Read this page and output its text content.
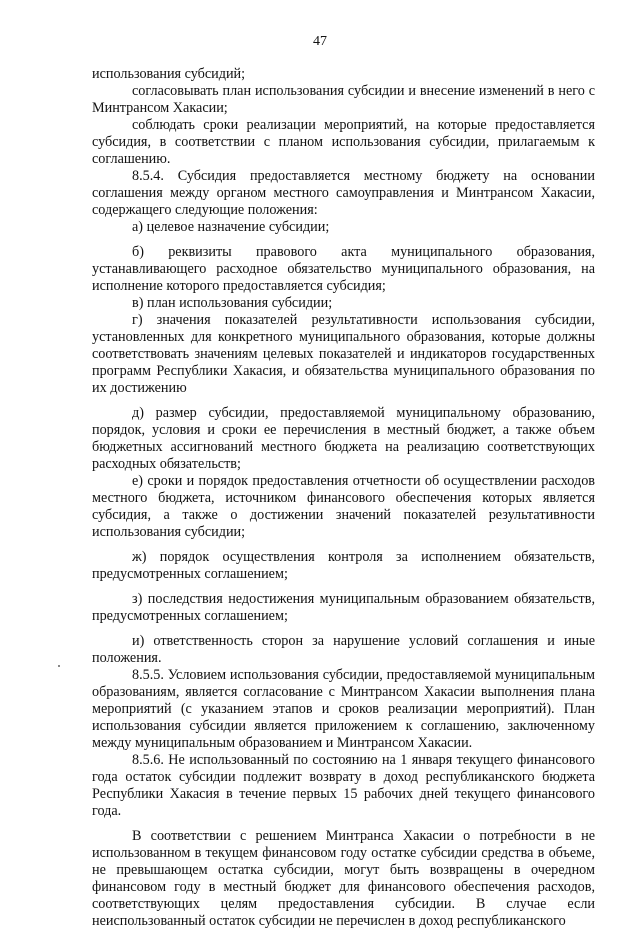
47

использования субсидий;

согласовывать план использования субсидии и внесение изменений в него с Минтрансом Хакасии;

соблюдать сроки реализации мероприятий, на которые предоставляется субсидия, в соответствии с планом использования субсидии, прилагаемым к соглашению.

8.5.4. Субсидия предоставляется местному бюджету на основании соглашения между органом местного самоуправления и Минтрансом Хакасии, содержащего следующие положения:

а) целевое назначение субсидии;

б) реквизиты правового акта муниципального образования, устанавливающего расходное обязательство муниципального образования, на исполнение которого предоставляется субсидия;

в) план использования субсидии;

г) значения показателей результативности использования субсидии, установленных для конкретного муниципального образования, которые должны соответствовать значениям целевых показателей и индикаторов государственных программ Республики Хакасия, и обязательства муниципального образования по их достижению

д) размер субсидии, предоставляемой муниципальному образованию, порядок, условия и сроки ее перечисления в местный бюджет, а также объем бюджетных ассигнований местного бюджета на реализацию соответствующих расходных обязательств;

е) сроки и порядок предоставления отчетности об осуществлении расходов местного бюджета, источником финансового обеспечения которых является субсидия, а также о достижении значений показателей результативности использования субсидии;

ж) порядок осуществления контроля за исполнением обязательств, предусмотренных соглашением;

з) последствия недостижения муниципальным образованием обязательств, предусмотренных соглашением;

и) ответственность сторон за нарушение условий соглашения и иные положения.

8.5.5. Условием использования субсидии, предоставляемой муниципальным образованиям, является согласование с Минтрансом Хакасии выполнения плана мероприятий (с указанием этапов и сроков реализации мероприятий). План использования субсидии является приложением к соглашению, заключенному между муниципальным образованием и Минтрансом Хакасии.

8.5.6. Не использованный по состоянию на 1 января текущего финансового года остаток субсидии подлежит возврату в доход республиканского бюджета Республики Хакасия в течение первых 15 рабочих дней текущего финансового года.

В соответствии с решением Минтранса Хакасии о потребности в не использованном в текущем финансовом году остатке субсидии средства в объеме, не превышающем остатка субсидии, могут быть возвращены в очередном финансовом году в местный бюджет для финансового обеспечения расходов, соответствующих целям предоставления субсидии. В случае если неиспользованный остаток субсидии не перечислен в доход республиканского
